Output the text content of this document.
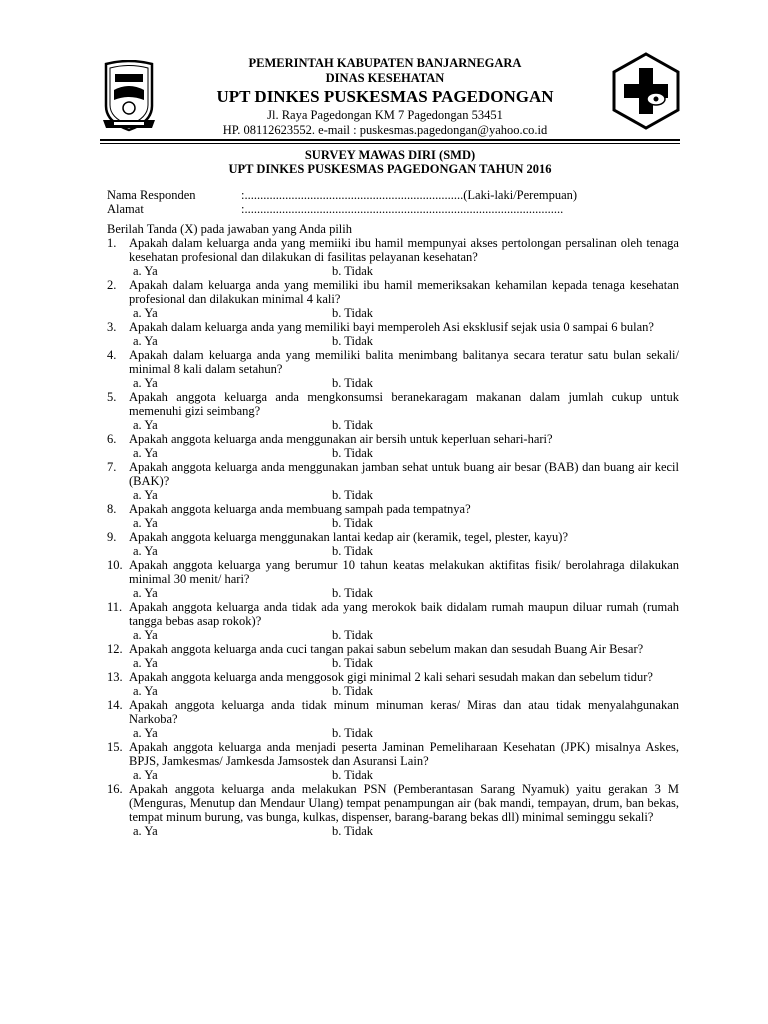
PEMERINTAH KABUPATEN BANJARNEGARA
DINAS KESEHATAN
UPT DINKES PUSKESMAS PAGEDONGAN
Jl. Raya Pagedongan KM 7 Pagedongan 53451
HP. 08112623552. e-mail : puskesmas.pagedongan@yahoo.co.id
SURVEY MAWAS DIRI (SMD)
UPT DINKES PUSKESMAS PAGEDONGAN TAHUN 2016
Nama Responden	:......................................................................(Laki-laki/Perempuan)
Alamat	:......................................................................................................
Berilah Tanda (X) pada jawaban yang Anda pilih
1.	Apakah dalam keluarga anda yang memiiki ibu hamil mempunyai akses pertolongan persalinan oleh tenaga kesehatan profesional dan dilakukan di fasilitas pelayanan kesehatan?
a. Ya	b. Tidak
2.	Apakah dalam keluarga anda yang memiliki ibu hamil memeriksakan kehamilan kepada tenaga kesehatan profesional dan dilakukan minimal 4 kali?
a. Ya	b. Tidak
3.	Apakah dalam keluarga anda yang memiliki bayi memperoleh Asi eksklusif sejak usia 0 sampai 6 bulan?
a. Ya	b. Tidak
4.	Apakah dalam keluarga anda yang memiliki balita menimbang balitanya secara teratur satu bulan sekali/ minimal 8 kali dalam setahun?
a. Ya	b. Tidak
5.	Apakah anggota keluarga anda mengkonsumsi beranekaragam makanan dalam jumlah cukup untuk memenuhi gizi seimbang?
a. Ya	b. Tidak
6.	Apakah anggota keluarga anda menggunakan air bersih untuk keperluan sehari-hari?
a. Ya	b. Tidak
7.	Apakah anggota keluarga anda menggunakan jamban sehat untuk buang air besar (BAB) dan buang air kecil (BAK)?
a. Ya	b. Tidak
8.	Apakah anggota keluarga anda membuang sampah pada tempatnya?
a. Ya	b. Tidak
9.	Apakah anggota keluarga menggunakan lantai kedap air (keramik, tegel, plester, kayu)?
a. Ya	b. Tidak
10. Apakah anggota keluarga yang berumur 10 tahun keatas melakukan aktifitas fisik/ berolahraga dilakukan minimal 30 menit/ hari?
a. Ya	b. Tidak
11. Apakah anggota keluarga anda tidak ada yang merokok baik didalam rumah maupun diluar rumah (rumah tangga bebas asap rokok)?
a. Ya	b. Tidak
12. Apakah anggota keluarga anda cuci tangan pakai sabun sebelum makan dan sesudah Buang Air Besar?
a. Ya	b. Tidak
13. Apakah anggota keluarga anda menggosok gigi minimal 2 kali sehari sesudah makan dan sebelum tidur?
a. Ya	b. Tidak
14. Apakah anggota keluarga anda tidak minum minuman keras/ Miras dan atau tidak menyalahgunakan Narkoba?
a. Ya	b. Tidak
15. Apakah anggota keluarga anda menjadi peserta Jaminan Pemeliharaan Kesehatan (JPK) misalnya Askes, BPJS, Jamkesmas/ Jamkesda Jamsostek dan Asuransi Lain?
a. Ya	b. Tidak
16. Apakah anggota keluarga anda melakukan PSN (Pemberantasan Sarang Nyamuk) yaitu gerakan 3 M (Menguras, Menutup dan Mendaur Ulang) tempat penampungan air (bak mandi, tempayan, drum, ban bekas, tempat minum burung, vas bunga, kulkas, dispenser, barang-barang bekas dll) minimal seminggu sekali?
a. Ya	b. Tidak
